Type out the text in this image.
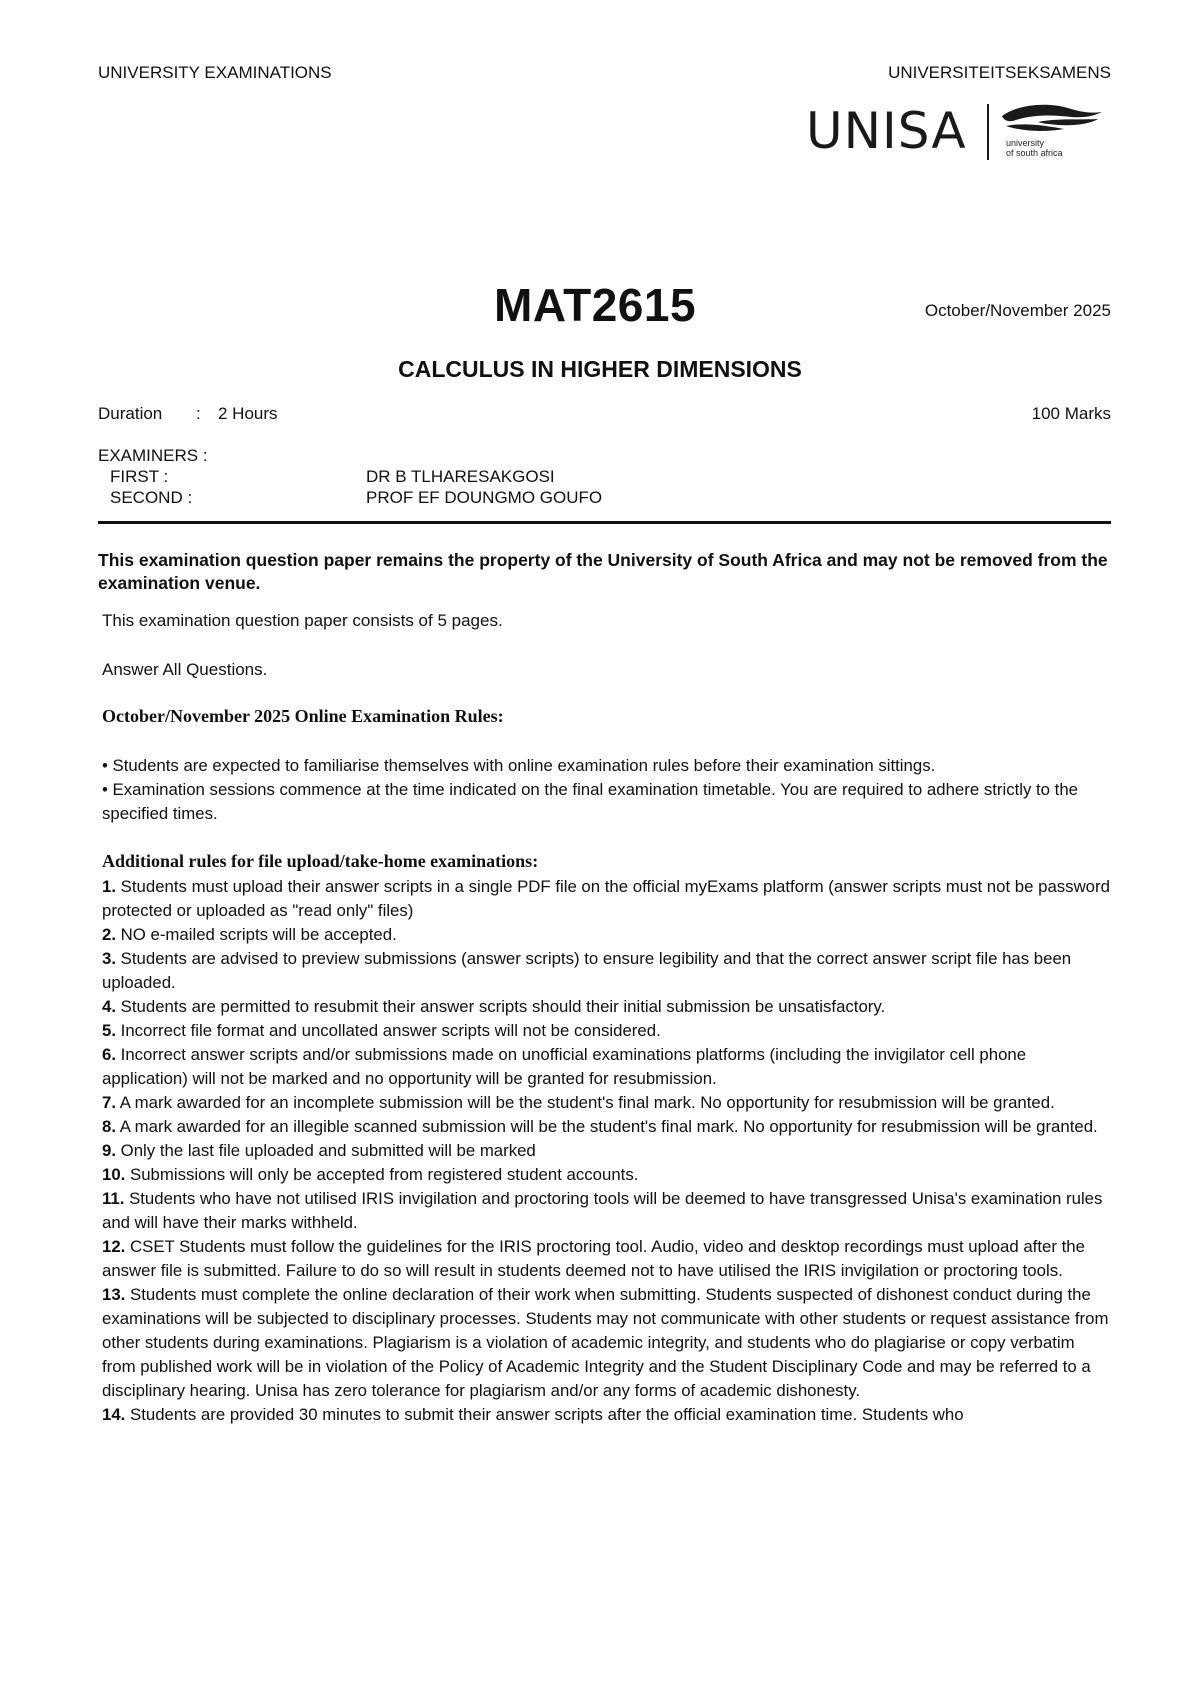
UNIVERSITY EXAMINATIONS	UNIVERSITEITSEKSAMENS
UNISA	university
of south africa
MAT2615	October/November 2025
CALCULUS IN HIGHER DIMENSIONS
Duration : 2 Hours	100 Marks
EXAMINERS :
FIRST :	DR B TLHARESAKGOSI
SECOND :	PROF EF DOUNGMO GOUFO
This examination question paper remains the property of the University of South Africa and may not be removed from the examination venue.
This examination question paper consists of 5 pages.
Answer All Questions.
October/November 2025 Online Examination Rules:

• Students are expected to familiarise themselves with online examination rules before their examination sittings.

• Examination sessions commence at the time indicated on the final examination timetable. You are required to adhere strictly to the specified times.

Additional rules for file upload/take-home examinations:

1. Students must upload their answer scripts in a single PDF file on the official myExams platform (answer scripts must not be password protected or uploaded as "read only" files)

2. NO e-mailed scripts will be accepted.

3. Students are advised to preview submissions (answer scripts) to ensure legibility and that the correct answer script file has been uploaded.

4. Students are permitted to resubmit their answer scripts should their initial submission be unsatisfactory.

5. Incorrect file format and uncollated answer scripts will not be considered.

6. Incorrect answer scripts and/or submissions made on unofficial examinations platforms (including the invigilator cell phone application) will not be marked and no opportunity will be granted for resubmission.

7. A mark awarded for an incomplete submission will be the student's final mark. No opportunity for resubmission will be granted.

8. A mark awarded for an illegible scanned submission will be the student's final mark. No opportunity for resubmission will be granted.

9. Only the last file uploaded and submitted will be marked

10. Submissions will only be accepted from registered student accounts.

11. Students who have not utilised IRIS invigilation and proctoring tools will be deemed to have transgressed Unisa's examination rules and will have their marks withheld.

12. CSET Students must follow the guidelines for the IRIS proctoring tool. Audio, video and desktop recordings must upload after the answer file is submitted. Failure to do so will result in students deemed not to have utilised the IRIS invigilation or proctoring tools.

13. Students must complete the online declaration of their work when submitting. Students suspected of dishonest conduct during the examinations will be subjected to disciplinary processes. Students may not communicate with other students or request assistance from other students during examinations. Plagiarism is a violation of academic integrity, and students who do plagiarise or copy verbatim from published work will be in violation of the Policy of Academic Integrity and the Student Disciplinary Code and may be referred to a disciplinary hearing. Unisa has zero tolerance for plagiarism and/or any forms of academic dishonesty.

14. Students are provided 30 minutes to submit their answer scripts after the official examination time. Students who
